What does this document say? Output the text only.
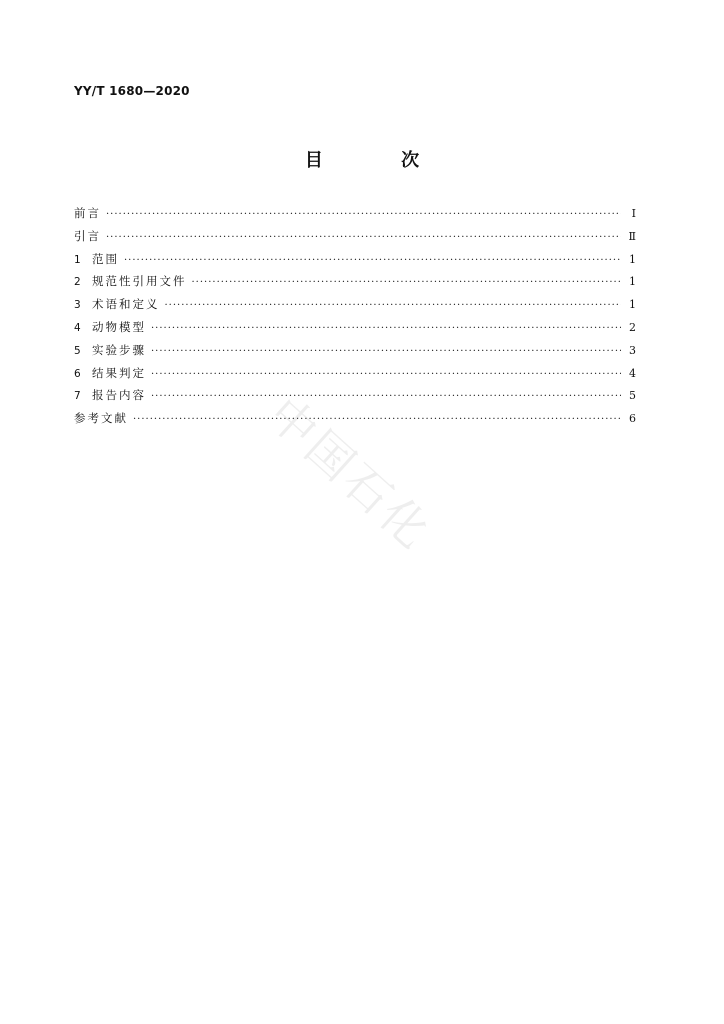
YY/T 1680—2020
目 次
前言 ·····	Ⅰ
引言 ·····	Ⅱ
1 范围 ·····	1
2 规范性引用文件 ·····	1
3 术语和定义 ·····	1
4 动物模型 ·····	2
5 实验步骤 ·····	3
6 结果判定 ·····	4
7 报告内容 ·····	5
参考文献 ·····	6
中国石化
